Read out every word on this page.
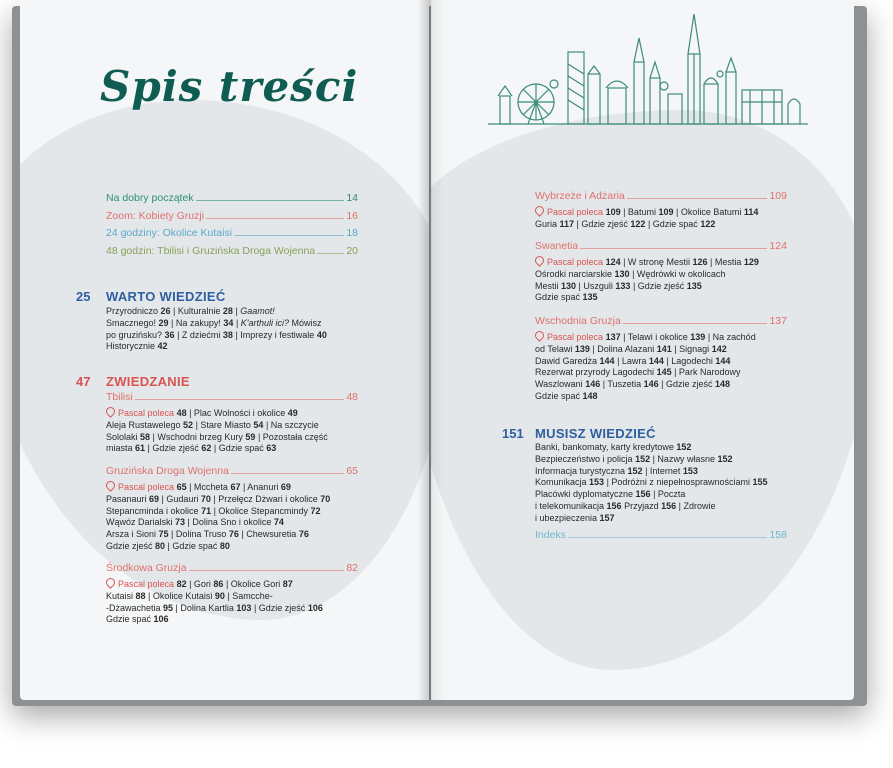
Spis treści
Na dobry początek	14
Zoom: Kobiety Gruzji	16
24 godziny: Okolice Kutaisi	18
48 godzin: Tbilisi i Gruzińska Droga Wojenna	20
25 WARTO WIEDZIEĆ
Przyrodniczo 26 | Kulturalnie 28 | Gaamot!
Smacznego! 29 | Na zakupy! 34 | K'arthuli ici? Mówisz
po gruzińsku? 36 | Z dziećmi 38 | Imprezy i festiwale 40
Historycznie 42
47 ZWIEDZANIE
Tbilisi	48
Pascal poleca 48 | Plac Wolności i okolice 49
Aleja Rustawelego 52 | Stare Miasto 54 | Na szczycie
Sololaki 58 | Wschodni brzeg Kury 59 | Pozostała część
miasta 61 | Gdzie zjeść 62 | Gdzie spać 63
Gruzińska Droga Wojenna	65
Pascal poleca 65 | Mccheta 67 | Ananuri 69
Pasanauri 69 | Gudauri 70 | Przełęcz Dżwari i okolice 70
Stepancminda i okolice 71 | Okolice Stepancmindy 72
Wąwóz Darialski 73 | Dolina Sno i okolice 74
Arsza i Sioni 75 | Dolina Truso 76 | Chewsuretia 76
Gdzie zjeść 80 | Gdzie spać 80
Środkowa Gruzja	82
Pascal poleca 82 | Gori 86 | Okolice Gori 87
Kutaisi 88 | Okolice Kutaisi 90 | Samcche-
-Dżawachetia 95 | Dolina Kartlia 103 | Gdzie zjeść 106
Gdzie spać 106
Wybrzeże i Adżaria	109
Pascal poleca 109 | Batumi 109 | Okolice Batumi 114
Guria 117 | Gdzie zjeść 122 | Gdzie spać 122
Swanetia	124
Pascal poleca 124 | W stronę Mestii 126 | Mestia 129
Ośrodki narciarskie 130 | Wędrówki w okolicach
Mestii 130 | Uszguli 133 | Gdzie zjeść 135
Gdzie spać 135
Wschodnia Gruzja	137
Pascal poleca 137 | Telawi i okolice 139 | Na zachód
od Telawi 139 | Dolina Alazani 141 | Signagi 142
Dawid Garedża 144 | Lawra 144 | Lagodechi 144
Rezerwat przyrody Lagodechi 145 | Park Narodowy
Waszlowani 146 | Tuszetia 146 | Gdzie zjeść 148
Gdzie spać 148
151 MUSISZ WIEDZIEĆ
Banki, bankomaty, karty kredytowe 152
Bezpieczeństwo i policja 152 | Nazwy własne 152
Informacja turystyczna 152 | Internet 153
Komunikacja 153 | Podróżni z niepełnosprawnościami 155
Placówki dyplomatyczne 156 | Poczta
i telekomunikacja 156 Przyjazd 156 | Zdrowie
i ubezpieczenia 157
Indeks	158
